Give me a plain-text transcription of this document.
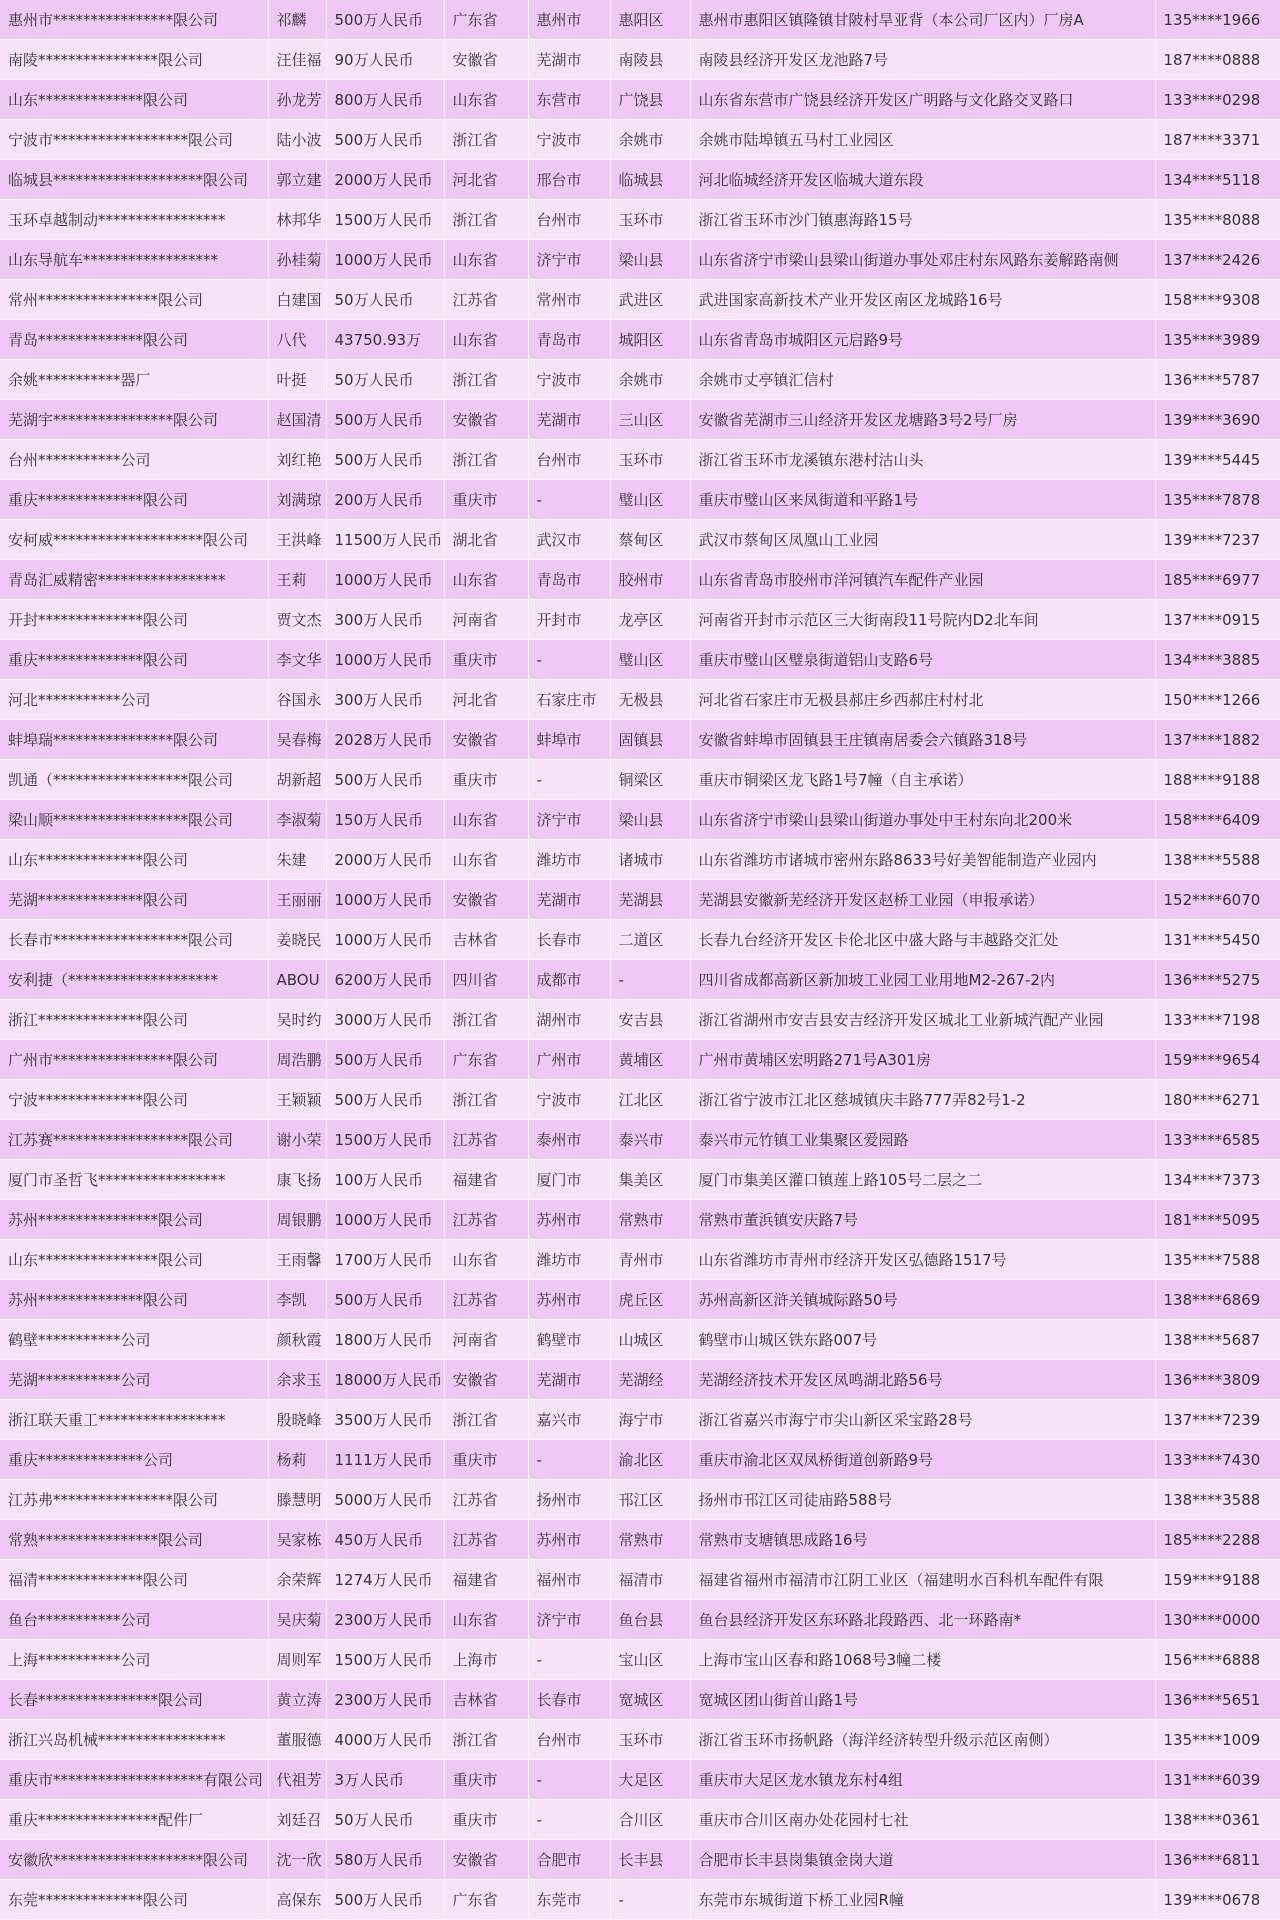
惠州市****************限公司	祁麟	500万人民币	广东省	惠州市	惠阳区	惠州市惠阳区镇隆镇甘陂村旱亚背（本公司厂区内）厂房A	135****1966
南陵****************限公司	汪佳福	90万人民币	安徽省	芜湖市	南陵县	南陵县经济开发区龙池路7号	187****0888
山东**************限公司	孙龙芳	800万人民币	山东省	东营市	广饶县	山东省东营市广饶县经济开发区广明路与文化路交叉路口	133****0298
宁波市******************限公司	陆小波	500万人民币	浙江省	宁波市	余姚市	余姚市陆埠镇五马村工业园区	187****3371
临城县********************限公司	郭立建	2000万人民币	河北省	邢台市	临城县	河北临城经济开发区临城大道东段	134****5118
玉环卓越制动*****************	林邦华	1500万人民币	浙江省	台州市	玉环市	浙江省玉环市沙门镇惠海路15号	135****8088
山东导航车******************	孙桂菊	1000万人民币	山东省	济宁市	梁山县	山东省济宁市梁山县梁山街道办事处邓庄村东风路东姜解路南侧	137****2426
常州****************限公司	白建国	50万人民币	江苏省	常州市	武进区	武进国家高新技术产业开发区南区龙城路16号	158****9308
青岛**************限公司	八代	43750.93万	山东省	青岛市	城阳区	山东省青岛市城阳区元启路9号	135****3989
余姚***********器厂	叶挺	50万人民币	浙江省	宁波市	余姚市	余姚市丈亭镇汇信村	136****5787
芜湖宇****************限公司	赵国清	500万人民币	安徽省	芜湖市	三山区	安徽省芜湖市三山经济开发区龙塘路3号2号厂房	139****3690
台州***********公司	刘红艳	500万人民币	浙江省	台州市	玉环市	浙江省玉环市龙溪镇东港村沽山头	139****5445
重庆**************限公司	刘满琼	200万人民币	重庆市	-	璧山区	重庆市璧山区来凤街道和平路1号	135****7878
安柯威********************限公司	王洪峰	11500万人民币	湖北省	武汉市	蔡甸区	武汉市蔡甸区凤凰山工业园	139****7237
青岛汇威精密*****************	王莉	1000万人民币	山东省	青岛市	胶州市	山东省青岛市胶州市洋河镇汽车配件产业园	185****6977
开封**************限公司	贾文杰	300万人民币	河南省	开封市	龙亭区	河南省开封市示范区三大街南段11号院内D2北车间	137****0915
重庆**************限公司	李文华	1000万人民币	重庆市	-	璧山区	重庆市璧山区璧泉街道铝山支路6号	134****3885
河北***********公司	谷国永	300万人民币	河北省	石家庄市	无极县	河北省石家庄市无极县郝庄乡西郝庄村村北	150****1266
蚌埠瑞****************限公司	吴春梅	2028万人民币	安徽省	蚌埠市	固镇县	安徽省蚌埠市固镇县王庄镇南居委会六镇路318号	137****1882
凯通（******************限公司	胡新超	500万人民币	重庆市	-	铜梁区	重庆市铜梁区龙飞路1号7幢（自主承诺）	188****9188
梁山顺******************限公司	李淑菊	150万人民币	山东省	济宁市	梁山县	山东省济宁市梁山县梁山街道办事处中王村东向北200米	158****6409
山东**************限公司	朱建	2000万人民币	山东省	潍坊市	诸城市	山东省潍坊市诸城市密州东路8633号好美智能制造产业园内	138****5588
芜湖**************限公司	王丽丽	1000万人民币	安徽省	芜湖市	芜湖县	芜湖县安徽新芜经济开发区赵桥工业园（申报承诺）	152****6070
长春市******************限公司	姜晓民	1000万人民币	吉林省	长春市	二道区	长春九台经济开发区卡伦北区中盛大路与丰越路交汇处	131****5450
安利捷（********************	ABOU	6200万人民币	四川省	成都市	-	四川省成都高新区新加坡工业园工业用地M2-267-2内	136****5275
浙江**************限公司	吴时约	3000万人民币	浙江省	湖州市	安吉县	浙江省湖州市安吉县安吉经济开发区城北工业新城汽配产业园	133****7198
广州市****************限公司	周浩鹏	500万人民币	广东省	广州市	黄埔区	广州市黄埔区宏明路271号A301房	159****9654
宁波**************限公司	王颖颖	500万人民币	浙江省	宁波市	江北区	浙江省宁波市江北区慈城镇庆丰路777弄82号1-2	180****6271
江苏赛******************限公司	谢小荣	1500万人民币	江苏省	泰州市	泰兴市	泰兴市元竹镇工业集聚区爱园路	133****6585
厦门市圣哲飞*****************	康飞扬	100万人民币	福建省	厦门市	集美区	厦门市集美区灌口镇莲上路105号二层之二	134****7373
苏州****************限公司	周银鹏	1000万人民币	江苏省	苏州市	常熟市	常熟市董浜镇安庆路7号	181****5095
山东****************限公司	王雨馨	1700万人民币	山东省	潍坊市	青州市	山东省潍坊市青州市经济开发区弘德路1517号	135****7588
苏州**************限公司	李凯	500万人民币	江苏省	苏州市	虎丘区	苏州高新区浒关镇城际路50号	138****6869
鹤壁***********公司	颜秋霞	1800万人民币	河南省	鹤壁市	山城区	鹤壁市山城区铁东路007号	138****5687
芜湖***********公司	余求玉	18000万人民币	安徽省	芜湖市	芜湖经	芜湖经济技术开发区凤鸣湖北路56号	136****3809
浙江联天重工*****************	殷晓峰	3500万人民币	浙江省	嘉兴市	海宁市	浙江省嘉兴市海宁市尖山新区采宝路28号	137****7239
重庆**************公司	杨莉	1111万人民币	重庆市	-	渝北区	重庆市渝北区双凤桥街道创新路9号	133****7430
江苏弗****************限公司	滕慧明	5000万人民币	江苏省	扬州市	邗江区	扬州市邗江区司徒庙路588号	138****3588
常熟****************限公司	吴家栋	450万人民币	江苏省	苏州市	常熟市	常熟市支塘镇思成路16号	185****2288
福清**************限公司	余荣辉	1274万人民币	福建省	福州市	福清市	福建省福州市福清市江阴工业区（福建明水百科机车配件有限	159****9188
鱼台***********公司	吴庆菊	2300万人民币	山东省	济宁市	鱼台县	鱼台县经济开发区东环路北段路西、北一环路南*	130****0000
上海***********公司	周则军	1500万人民币	上海市	-	宝山区	上海市宝山区春和路1068号3幢二楼	156****6888
长春****************限公司	黄立涛	2300万人民币	吉林省	长春市	宽城区	宽城区团山街首山路1号	136****5651
浙江兴岛机械*****************	董服德	4000万人民币	浙江省	台州市	玉环市	浙江省玉环市扬帆路（海洋经济转型升级示范区南侧）	135****1009
重庆市********************有限公司	代祖芳	3万人民币	重庆市	-	大足区	重庆市大足区龙水镇龙东村4组	131****6039
重庆****************配件厂	刘廷召	50万人民币	重庆市	-	合川区	重庆市合川区南办处花园村七社	138****0361
安徽欣********************限公司	沈一欣	580万人民币	安徽省	合肥市	长丰县	合肥市长丰县岗集镇金岗大道	136****6811
东莞**************限公司	高保东	500万人民币	广东省	东莞市	-	东莞市东城街道下桥工业园R幢	139****0678
